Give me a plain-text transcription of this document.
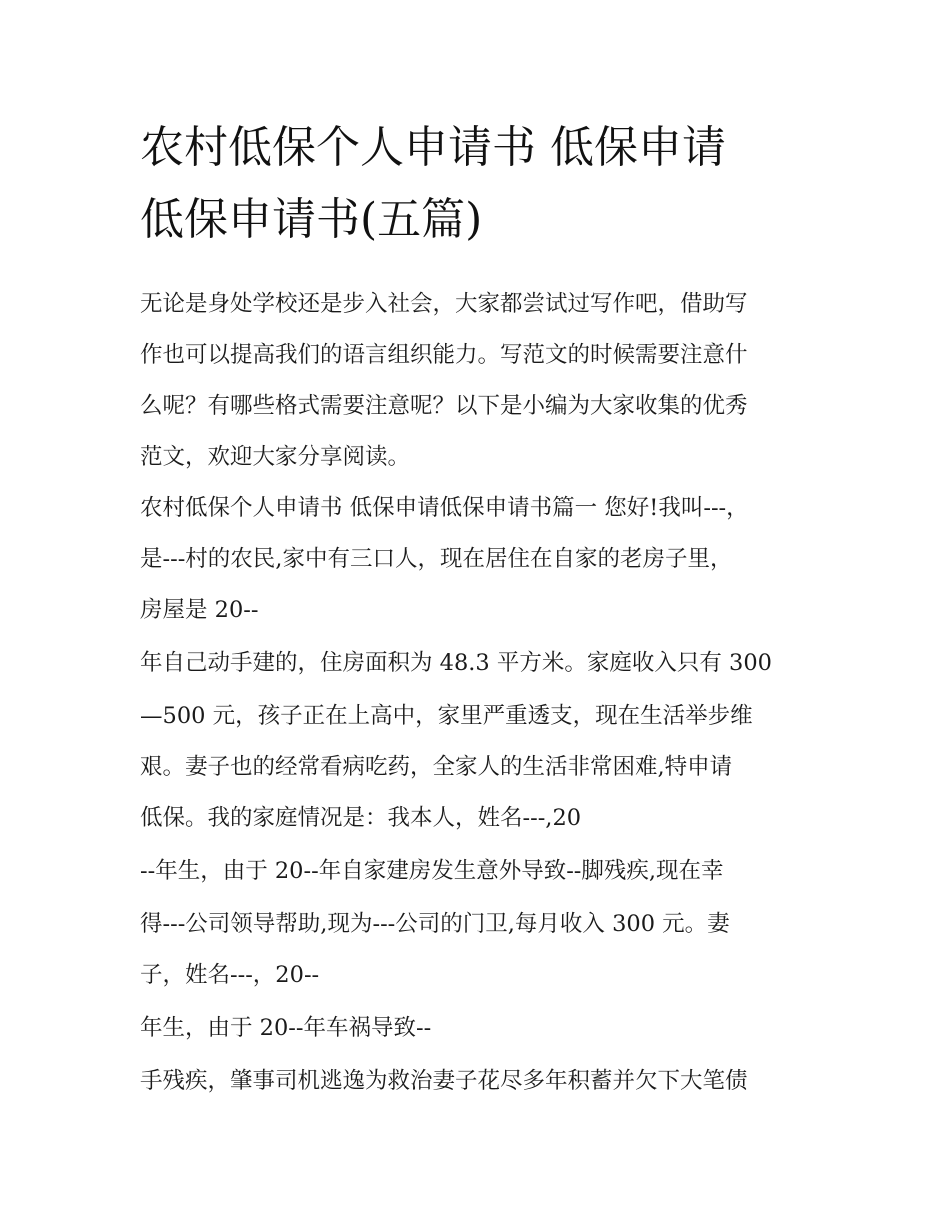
农村低保个人申请书 低保申请
低保申请书(五篇)
无论是身处学校还是步入社会，大家都尝试过写作吧，借助写
作也可以提高我们的语言组织能力。写范文的时候需要注意什
么呢？有哪些格式需要注意呢？以下是小编为大家收集的优秀
范文，欢迎大家分享阅读。
农村低保个人申请书 低保申请低保申请书篇一 您好!我叫---，
是---村的农民,家中有三口人，现在居住在自家的老房子里，
房屋是 20--
年自己动手建的，住房面积为 48.3 平方米。家庭收入只有 300
—500 元，孩子正在上高中，家里严重透支，现在生活举步维
艰。妻子也的经常看病吃药，全家人的生活非常困难,特申请
低保。我的家庭情况是：我本人，姓名---,20
--年生，由于 20--年自家建房发生意外导致--脚残疾,现在幸
得---公司领导帮助,现为---公司的门卫,每月收入 300 元。妻
子，姓名---，20--
年生，由于 20--年车祸导致--
手残疾，肇事司机逃逸为救治妻子花尽多年积蓄并欠下大笔债
